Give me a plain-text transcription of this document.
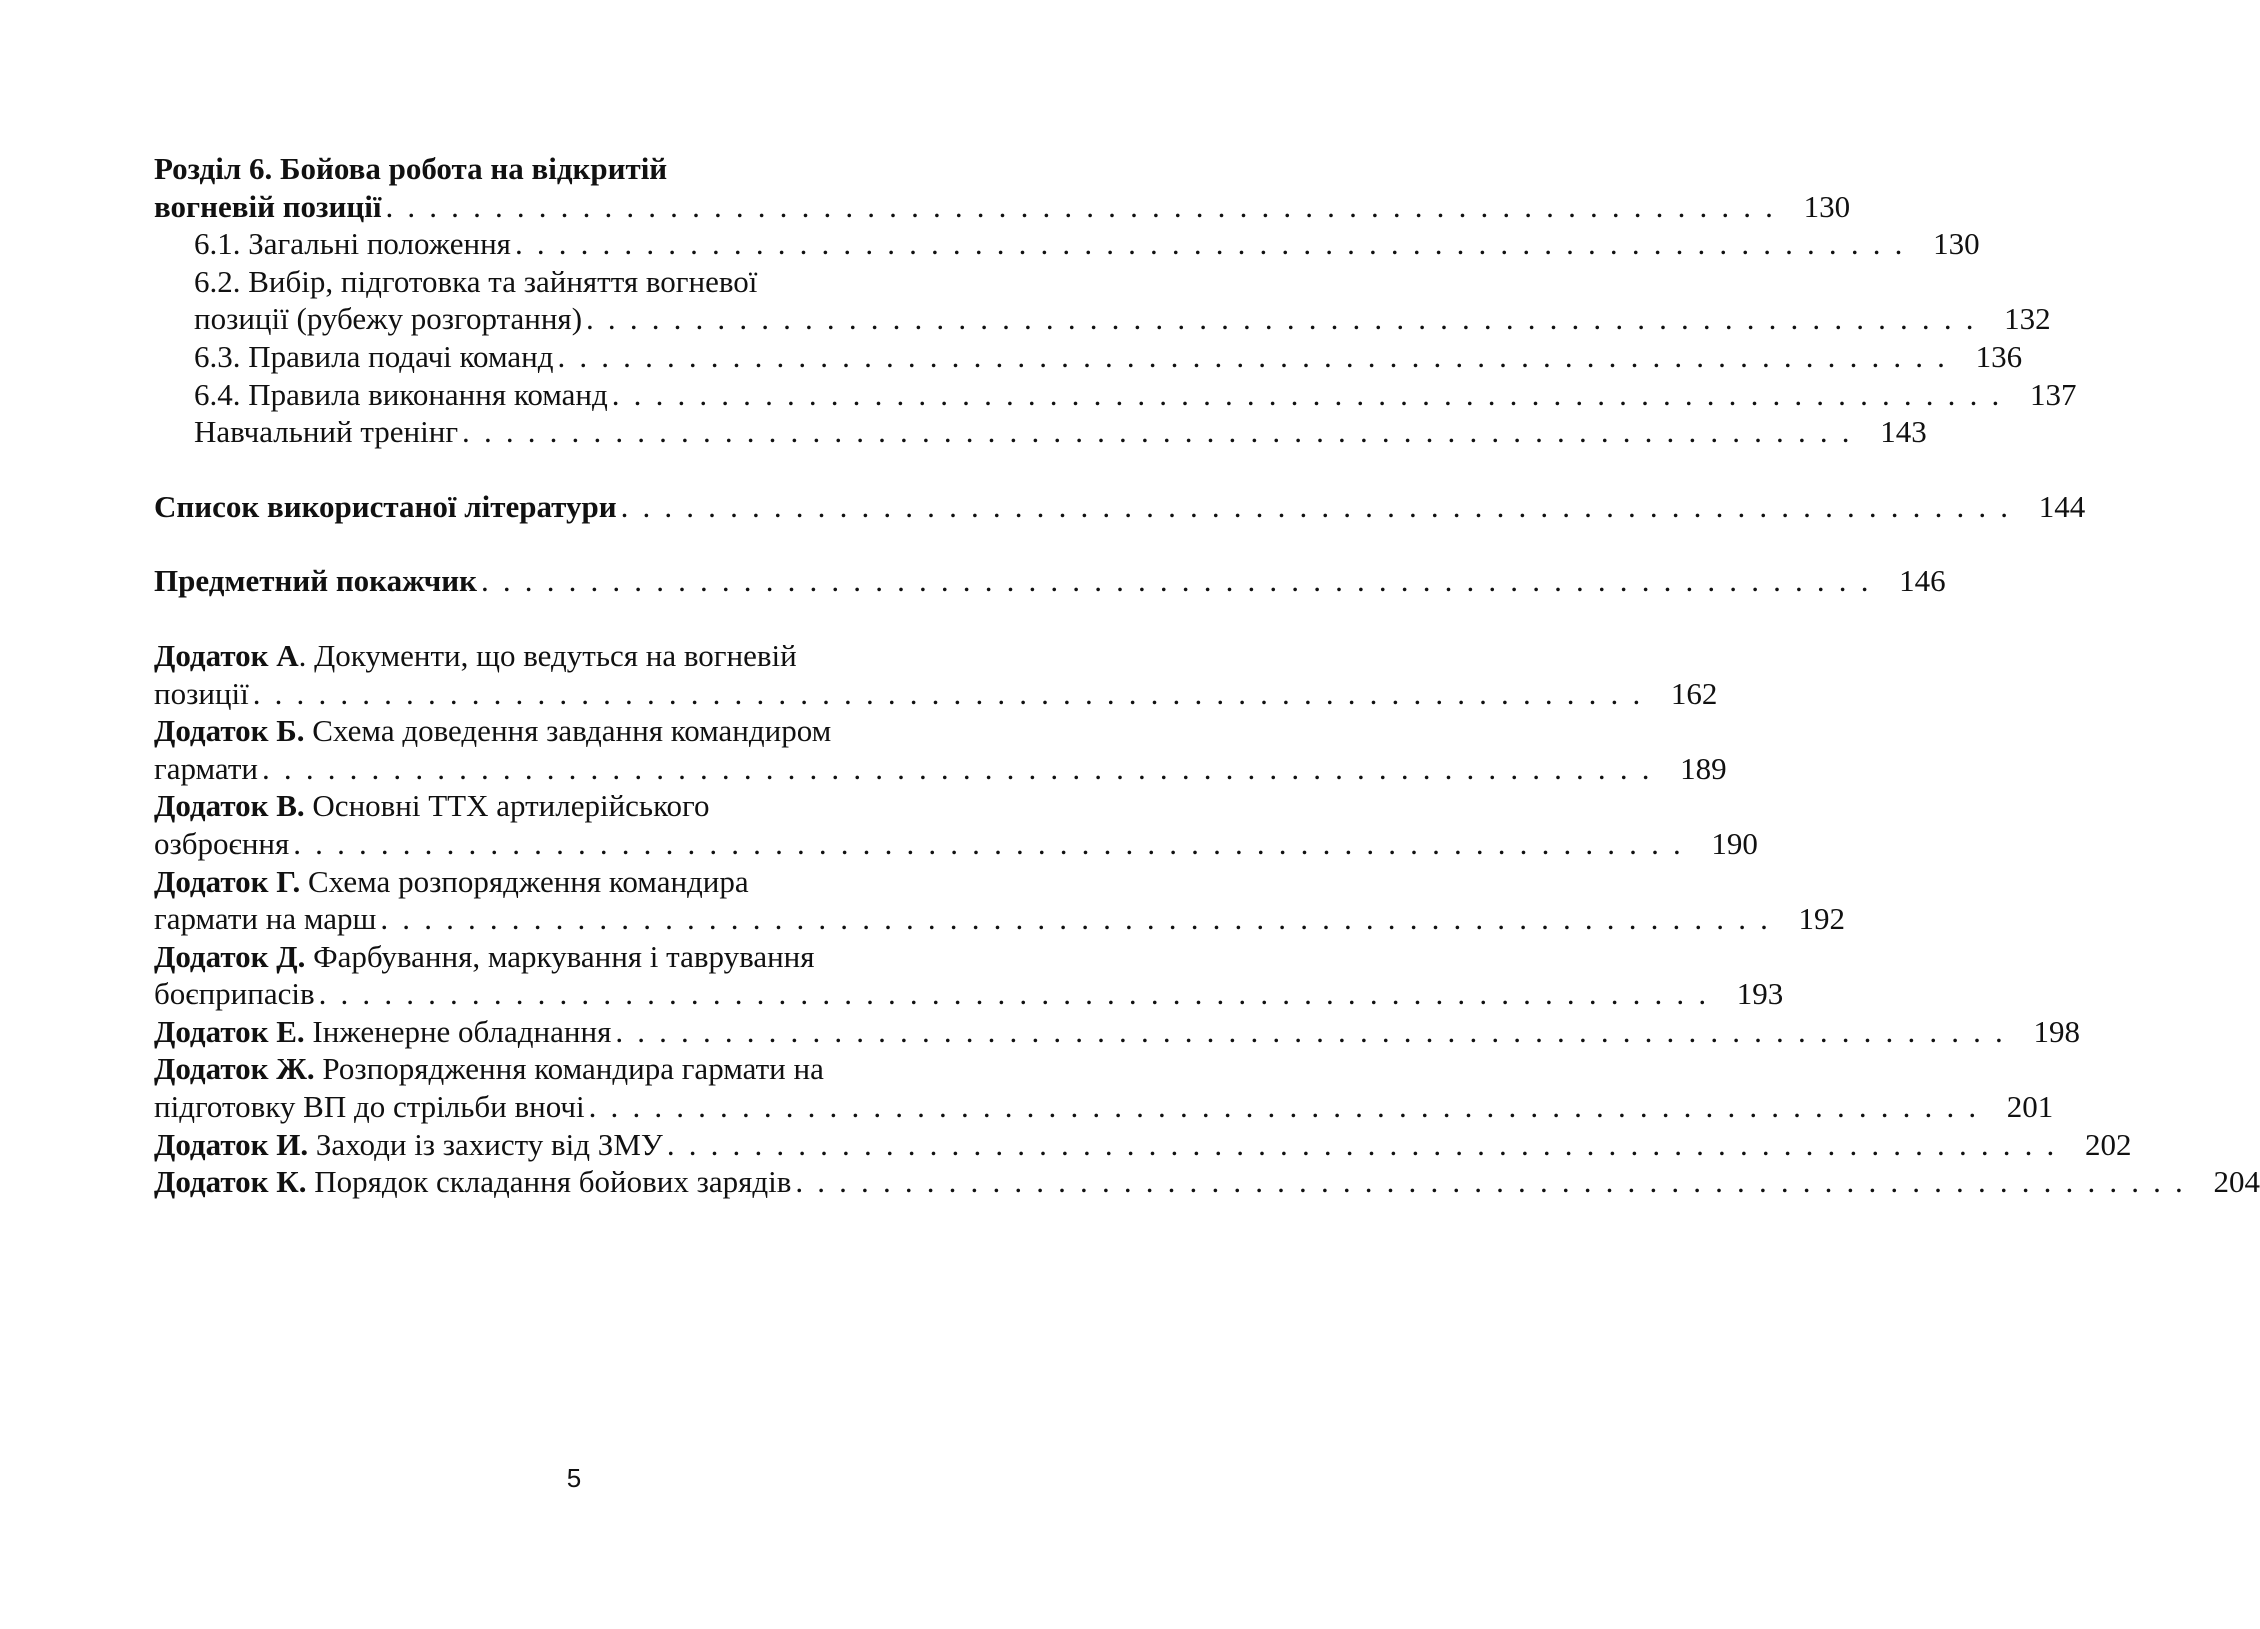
Розділ 6. Бойова робота на відкритій
вогневій позиції . . . . . . . . . . . . . . . . . . . . . . . . . . . . . . . . . . . . . . . . . . . . . . . . . . . . . . . . . . . . . . . . 130
6.1. Загальні положення . . . . . . . . . . . . . . . . . . . . . . . . . . . . . . . . . . . . . . . . . . . . . . . . . . . . . . . . . . . . . . . . 130
6.2. Вибір, підготовка та зайняття вогневої
позиції (рубежу розгортання) . . . . . . . . . . . . . . . . . . . . . . . . . . . . . . . . . . . . . . . . . . . . . . . . . . . . . . . . . . . . . . . . 132
6.3. Правила подачі команд . . . . . . . . . . . . . . . . . . . . . . . . . . . . . . . . . . . . . . . . . . . . . . . . . . . . . . . . . . . . . . . . 136
6.4. Правила виконання команд . . . . . . . . . . . . . . . . . . . . . . . . . . . . . . . . . . . . . . . . . . . . . . . . . . . . . . . . . . . . . . . . 137
Навчальний тренінг . . . . . . . . . . . . . . . . . . . . . . . . . . . . . . . . . . . . . . . . . . . . . . . . . . . . . . . . . . . . . . . . 143
Список використаної літератури . . . . . . . . . . . . . . . . . . . . . . . . . . . . . . . . . . . . . . . . . . . . . . . . . . . . . . . . . . . . . . . . 144
Предметний покажчик . . . . . . . . . . . . . . . . . . . . . . . . . . . . . . . . . . . . . . . . . . . . . . . . . . . . . . . . . . . . . . . . 146
Додаток А. Документи, що ведуться на вогневій
позиції . . . . . . . . . . . . . . . . . . . . . . . . . . . . . . . . . . . . . . . . . . . . . . . . . . . . . . . . . . . . . . . . 162
Додаток Б. Схема доведення завдання командиром
гармати . . . . . . . . . . . . . . . . . . . . . . . . . . . . . . . . . . . . . . . . . . . . . . . . . . . . . . . . . . . . . . . . 189
Додаток В. Основні ТТХ артилерійського
озброєння . . . . . . . . . . . . . . . . . . . . . . . . . . . . . . . . . . . . . . . . . . . . . . . . . . . . . . . . . . . . . . . . 190
Додаток Г. Схема розпорядження командира
гармати на марш . . . . . . . . . . . . . . . . . . . . . . . . . . . . . . . . . . . . . . . . . . . . . . . . . . . . . . . . . . . . . . . . 192
Додаток Д. Фарбування, маркування і таврування
боєприпасів . . . . . . . . . . . . . . . . . . . . . . . . . . . . . . . . . . . . . . . . . . . . . . . . . . . . . . . . . . . . . . . . 193
Додаток Е. Інженерне обладнання . . . . . . . . . . . . . . . . . . . . . . . . . . . . . . . . . . . . . . . . . . . . . . . . . . . . . . . . . . . . . . . . 198
Додаток Ж. Розпорядження командира гармати на
підготовку ВП до стрільби вночі . . . . . . . . . . . . . . . . . . . . . . . . . . . . . . . . . . . . . . . . . . . . . . . . . . . . . . . . . . . . . . . . 201
Додаток И. Заходи із захисту від ЗМУ . . . . . . . . . . . . . . . . . . . . . . . . . . . . . . . . . . . . . . . . . . . . . . . . . . . . . . . . . . . . . . . . 202
Додаток К. Порядок складання бойових зарядів . . . . . . . . . . . . . . . . . . . . . . . . . . . . . . . . . . . . . . . . . . . . . . . . . . . . . . . . . . . . . . . . 204
5
